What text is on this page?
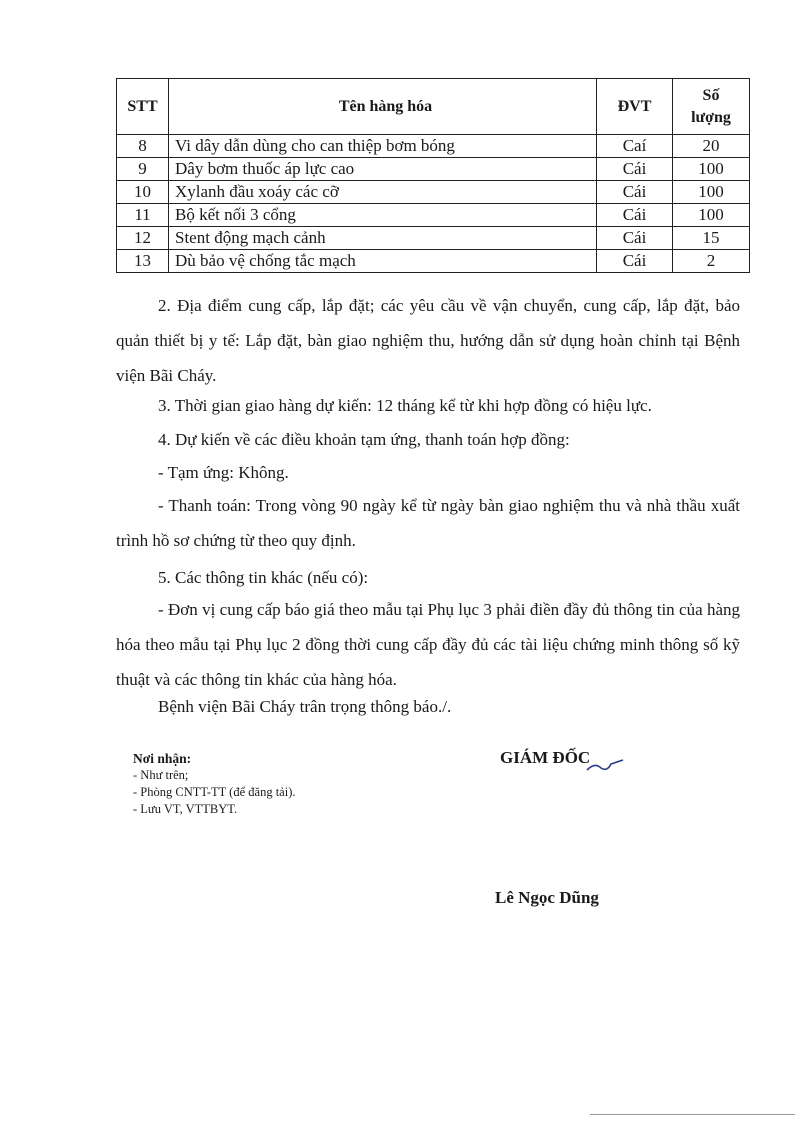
STT	Tên hàng hóa	ĐVT	Số
lượng

8	Vi dây dẫn dùng cho can thiệp bơm bóng	Caí	20
9	Dây bơm thuốc áp lực cao	Cái	100
10	Xylanh đầu xoáy các cỡ	Cái	100
11	Bộ kết nối 3 cổng	Cái	100
12	Stent động mạch cảnh	Cái	15
13	Dù bảo vệ chống tắc mạch	Cái	2

2. Địa điểm cung cấp, lắp đặt; các yêu cầu về vận chuyển, cung cấp, lắp đặt, bảo quản thiết bị y tế: Lắp đặt, bàn giao nghiệm thu, hướng dẫn sử dụng hoàn chỉnh tại Bệnh viện Bãi Cháy.

3. Thời gian giao hàng dự kiến: 12 tháng kể từ khi hợp đồng có hiệu lực.

4. Dự kiến về các điều khoản tạm ứng, thanh toán hợp đồng:

- Tạm ứng: Không.

- Thanh toán: Trong vòng 90 ngày kể từ ngày bàn giao nghiệm thu và nhà thầu xuất trình hồ sơ chứng từ theo quy định.

5. Các thông tin khác (nếu có):

- Đơn vị cung cấp báo giá theo mẫu tại Phụ lục 3 phải điền đầy đủ thông tin của hàng hóa theo mẫu tại Phụ lục 2 đồng thời cung cấp đầy đủ các tài liệu chứng minh thông số kỹ thuật và các thông tin khác của hàng hóa.

Bệnh viện Bãi Cháy trân trọng thông báo./.

Nơi nhận:
- Như trên;
- Phòng CNTT-TT (để đăng tải).
- Lưu VT, VTTBYT.
GIÁM ĐỐC
Lê Ngọc Dũng
